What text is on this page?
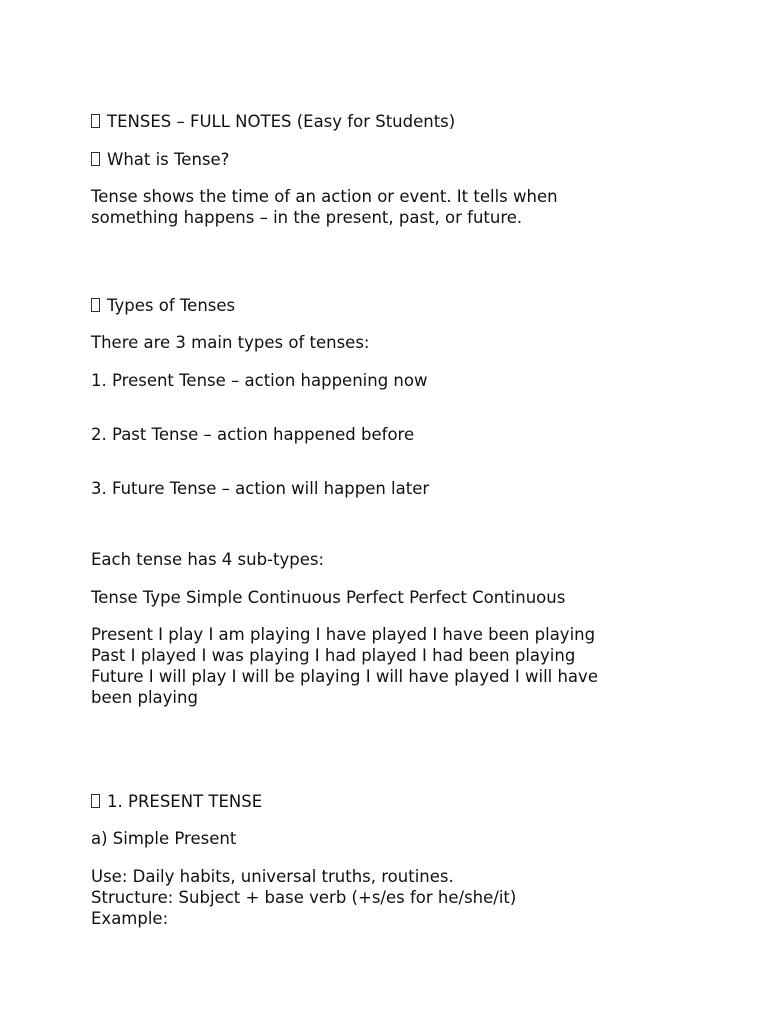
TENSES – FULL NOTES (Easy for Students)
What is Tense?
Tense shows the time of an action or event. It tells when something happens – in the present, past, or future.
Types of Tenses
There are 3 main types of tenses:
1. Present Tense – action happening now
2. Past Tense – action happened before
3. Future Tense – action will happen later
Each tense has 4 sub-types:
Tense Type Simple Continuous Perfect Perfect Continuous
Present I play I am playing I have played I have been playing
Past I played I was playing I had played I had been playing
Future I will play I will be playing I will have played I will have been playing
1. PRESENT TENSE
a) Simple Present
Use: Daily habits, universal truths, routines.
Structure: Subject + base verb (+s/es for he/she/it)
Example:
